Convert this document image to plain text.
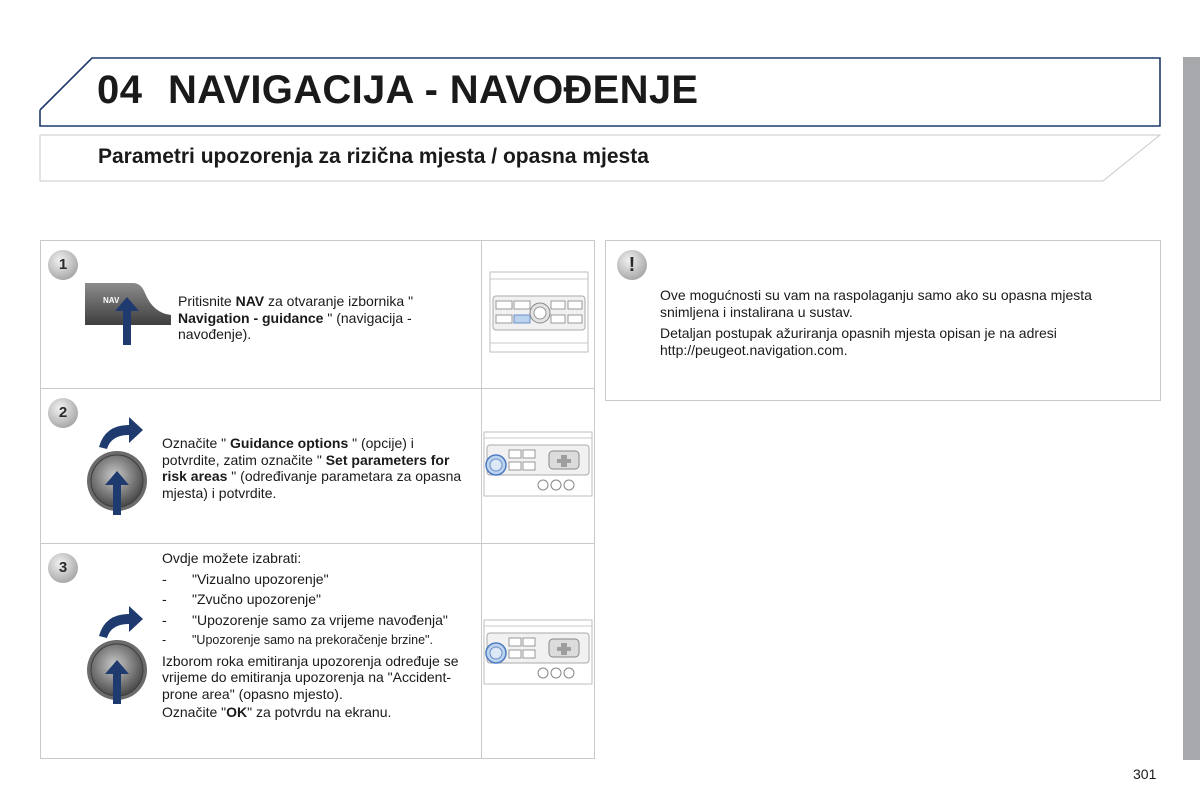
04 NAVIGACIJA - NAVOĐENJE
Parametri upozorenja za rizična mjesta / opasna mjesta
1
NAV	Pritisnite NAV za otvaranje izbornika " Navigation - guidance " (navigacija - navođenje).
2
Označite " Guidance options " (opcije) i potvrdite, zatim označite " Set parameters for risk areas " (određivanje parametara za opasna mjesta) i potvrdite.
3
Ovdje možete izabrati:
- "Vizualno upozorenje"
- "Zvučno upozorenje"
- "Upozorenje samo za vrijeme navođenja"
- "Upozorenje samo na prekoračenje brzine".
Izborom roka emitiranja upozorenja određuje se vrijeme do emitiranja upozorenja na "Accident-prone area" (opasno mjesto).
Označite "OK" za potvrdu na ekranu.
!

Ove mogućnosti su vam na raspolaganju samo ako su opasna mjesta snimljena i instalirana u sustav.

Detaljan postupak ažuriranja opasnih mjesta opisan je na adresi http://peugeot.navigation.com.

301
